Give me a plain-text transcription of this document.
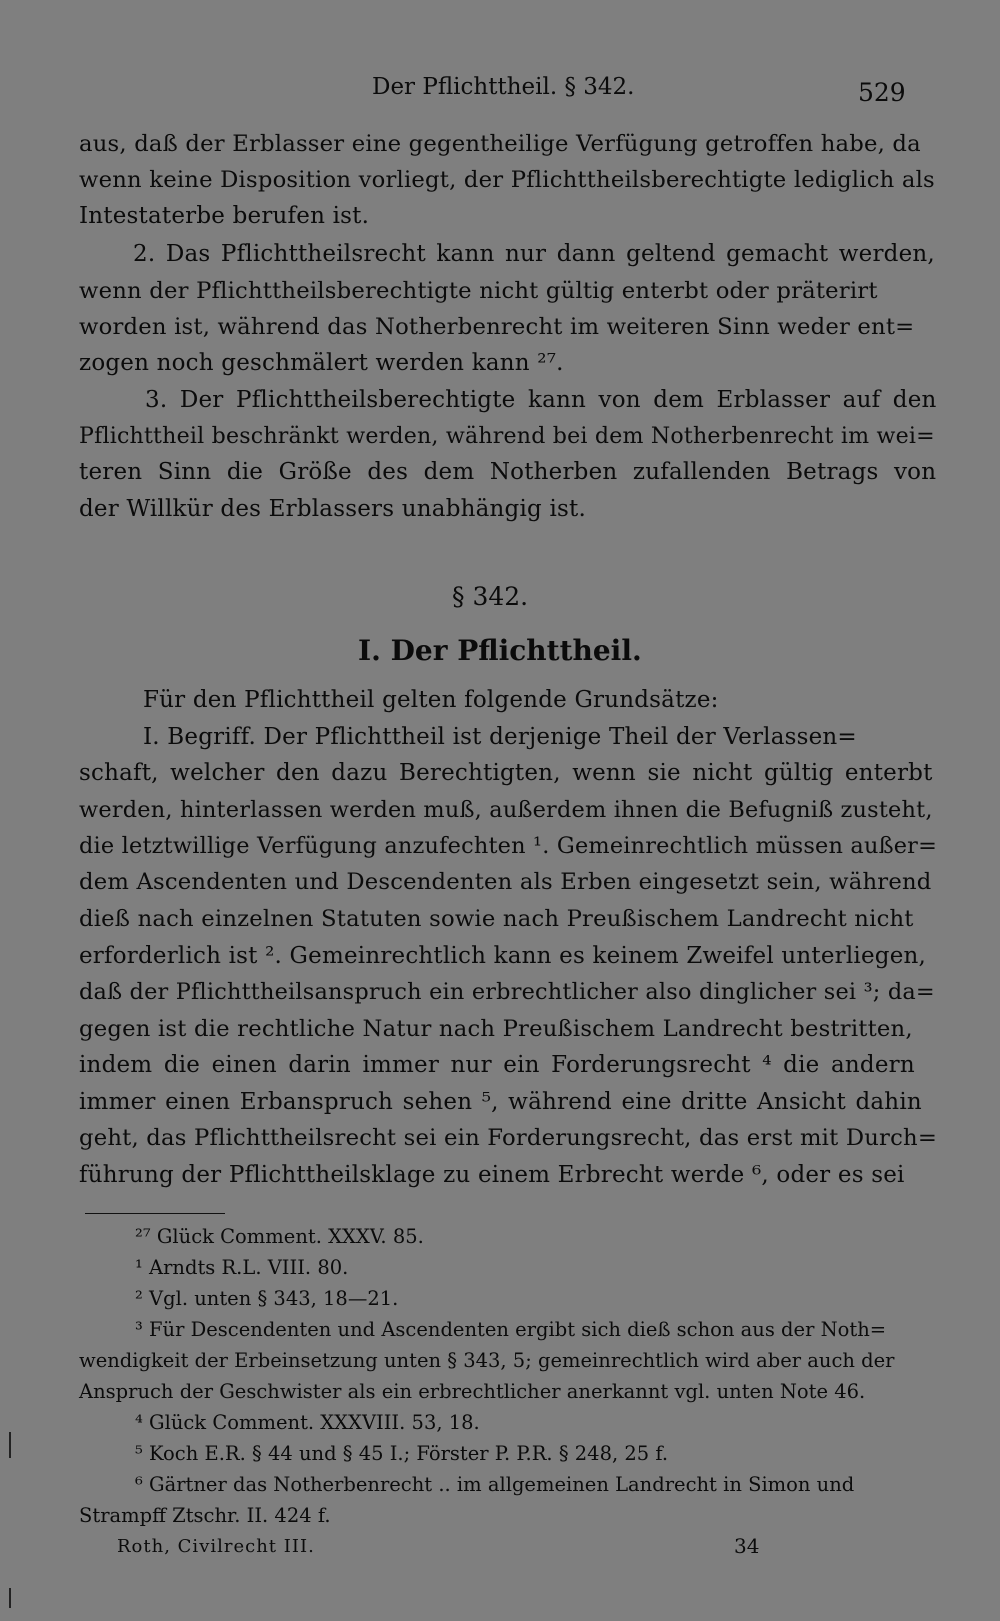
Der Pflichttheil. § 342.	529
aus, daß der Erblasser eine gegentheilige Verfügung getroffen habe, da
wenn keine Disposition vorliegt, der Pflichttheilsberechtigte lediglich als
Intestaterbe berufen ist.
2. Das Pflichttheilsrecht kann nur dann geltend gemacht werden,
wenn der Pflichttheilsberechtigte nicht gültig enterbt oder präterirt
worden ist, während das Notherbenrecht im weiteren Sinn weder ent=
zogen noch geschmälert werden kann ²⁷.
3. Der Pflichttheilsberechtigte kann von dem Erblasser auf den
Pflichttheil beschränkt werden, während bei dem Notherbenrecht im wei=
teren Sinn die Größe des dem Notherben zufallenden Betrags von
der Willkür des Erblassers unabhängig ist.
§ 342.
I. Der Pflichttheil.
Für den Pflichttheil gelten folgende Grundsätze:
I. Begriff. Der Pflichttheil ist derjenige Theil der Verlassen=
schaft, welcher den dazu Berechtigten, wenn sie nicht gültig enterbt
werden, hinterlassen werden muß, außerdem ihnen die Befugniß zusteht,
die letztwillige Verfügung anzufechten ¹. Gemeinrechtlich müssen außer=
dem Ascendenten und Descendenten als Erben eingesetzt sein, während
dieß nach einzelnen Statuten sowie nach Preußischem Landrecht nicht
erforderlich ist ². Gemeinrechtlich kann es keinem Zweifel unterliegen,
daß der Pflichttheilsanspruch ein erbrechtlicher also dinglicher sei ³; da=
gegen ist die rechtliche Natur nach Preußischem Landrecht bestritten,
indem die einen darin immer nur ein Forderungsrecht ⁴ die andern
immer einen Erbanspruch sehen ⁵, während eine dritte Ansicht dahin
geht, das Pflichttheilsrecht sei ein Forderungsrecht, das erst mit Durch=
führung der Pflichttheilsklage zu einem Erbrecht werde ⁶, oder es sei
²⁷ Glück Comment. XXXV. 85.
¹ Arndts R.L. VIII. 80.
² Vgl. unten § 343, 18—21.
³ Für Descendenten und Ascendenten ergibt sich dieß schon aus der Noth=
wendigkeit der Erbeinsetzung unten § 343, 5; gemeinrechtlich wird aber auch der
Anspruch der Geschwister als ein erbrechtlicher anerkannt vgl. unten Note 46.
⁴ Glück Comment. XXXVIII. 53, 18.
⁵ Koch E.R. § 44 und § 45 I.; Förster P. P.R. § 248, 25 f.
⁶ Gärtner das Notherbenrecht .. im allgemeinen Landrecht in Simon und
Strampff Ztschr. II. 424 f.
Roth, Civilrecht III.	34
